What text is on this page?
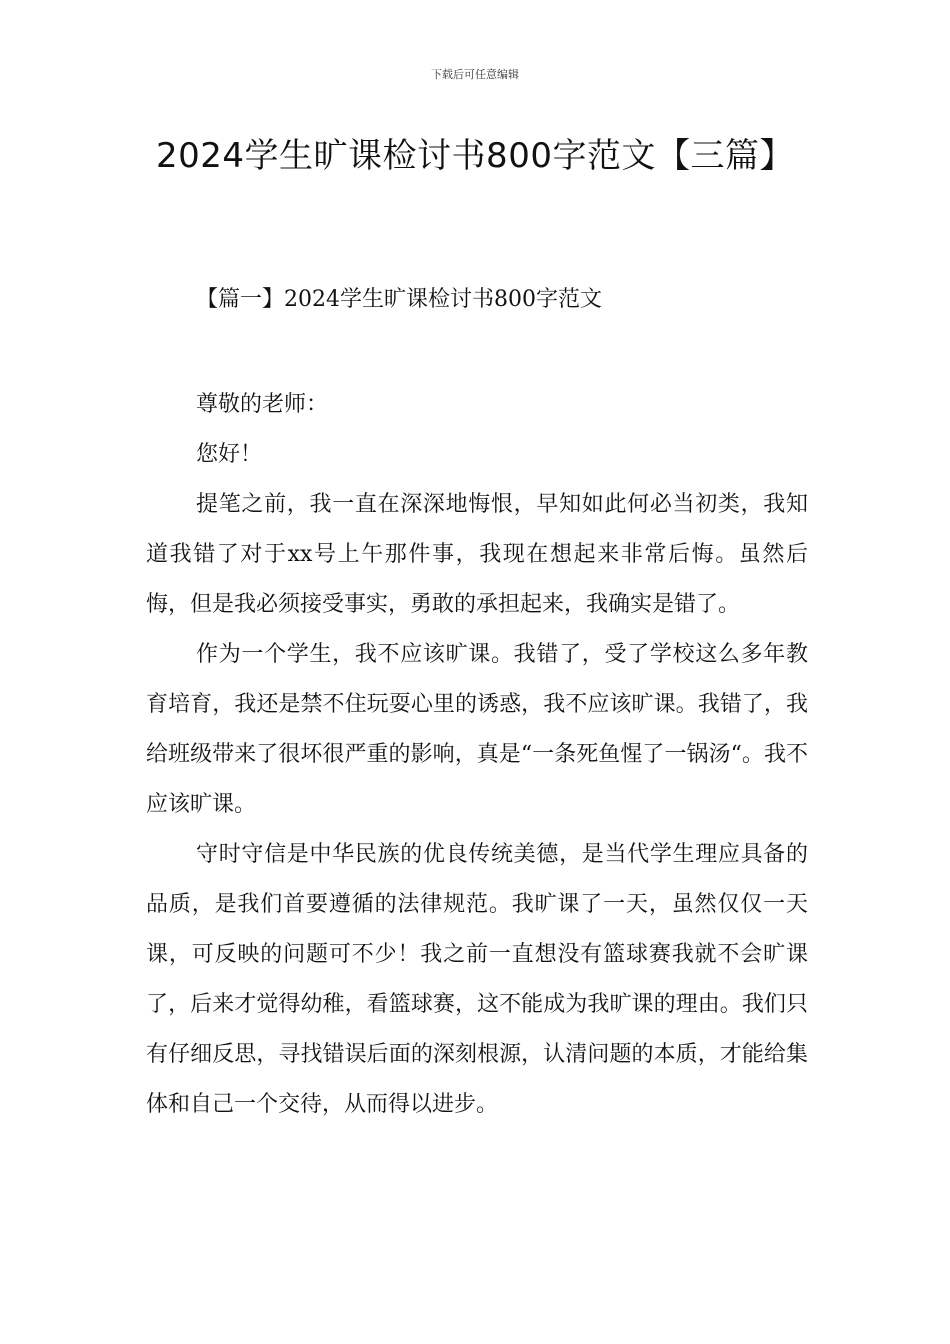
下载后可任意编辑
2024学生旷课检讨书800字范文【三篇】
【篇一】2024学生旷课检讨书800字范文

尊敬的老师：

您好！

提笔之前，我一直在深深地悔恨，早知如此何必当初类，我知道我错了对于xx号上午那件事，我现在想起来非常后悔。虽然后悔，但是我必须接受事实，勇敢的承担起来，我确实是错了。

作为一个学生，我不应该旷课。我错了，受了学校这么多年教育培育，我还是禁不住玩耍心里的诱惑，我不应该旷课。我错了，我给班级带来了很坏很严重的影响，真是“一条死鱼惺了一锅汤“。我不应该旷课。

守时守信是中华民族的优良传统美德，是当代学生理应具备的品质，是我们首要遵循的法律规范。我旷课了一天，虽然仅仅一天课，可反映的问题可不少！我之前一直想没有篮球赛我就不会旷课了，后来才觉得幼稚，看篮球赛，这不能成为我旷课的理由。我们只有仔细反思，寻找错误后面的深刻根源，认清问题的本质，才能给集体和自己一个交待，从而得以进步。
